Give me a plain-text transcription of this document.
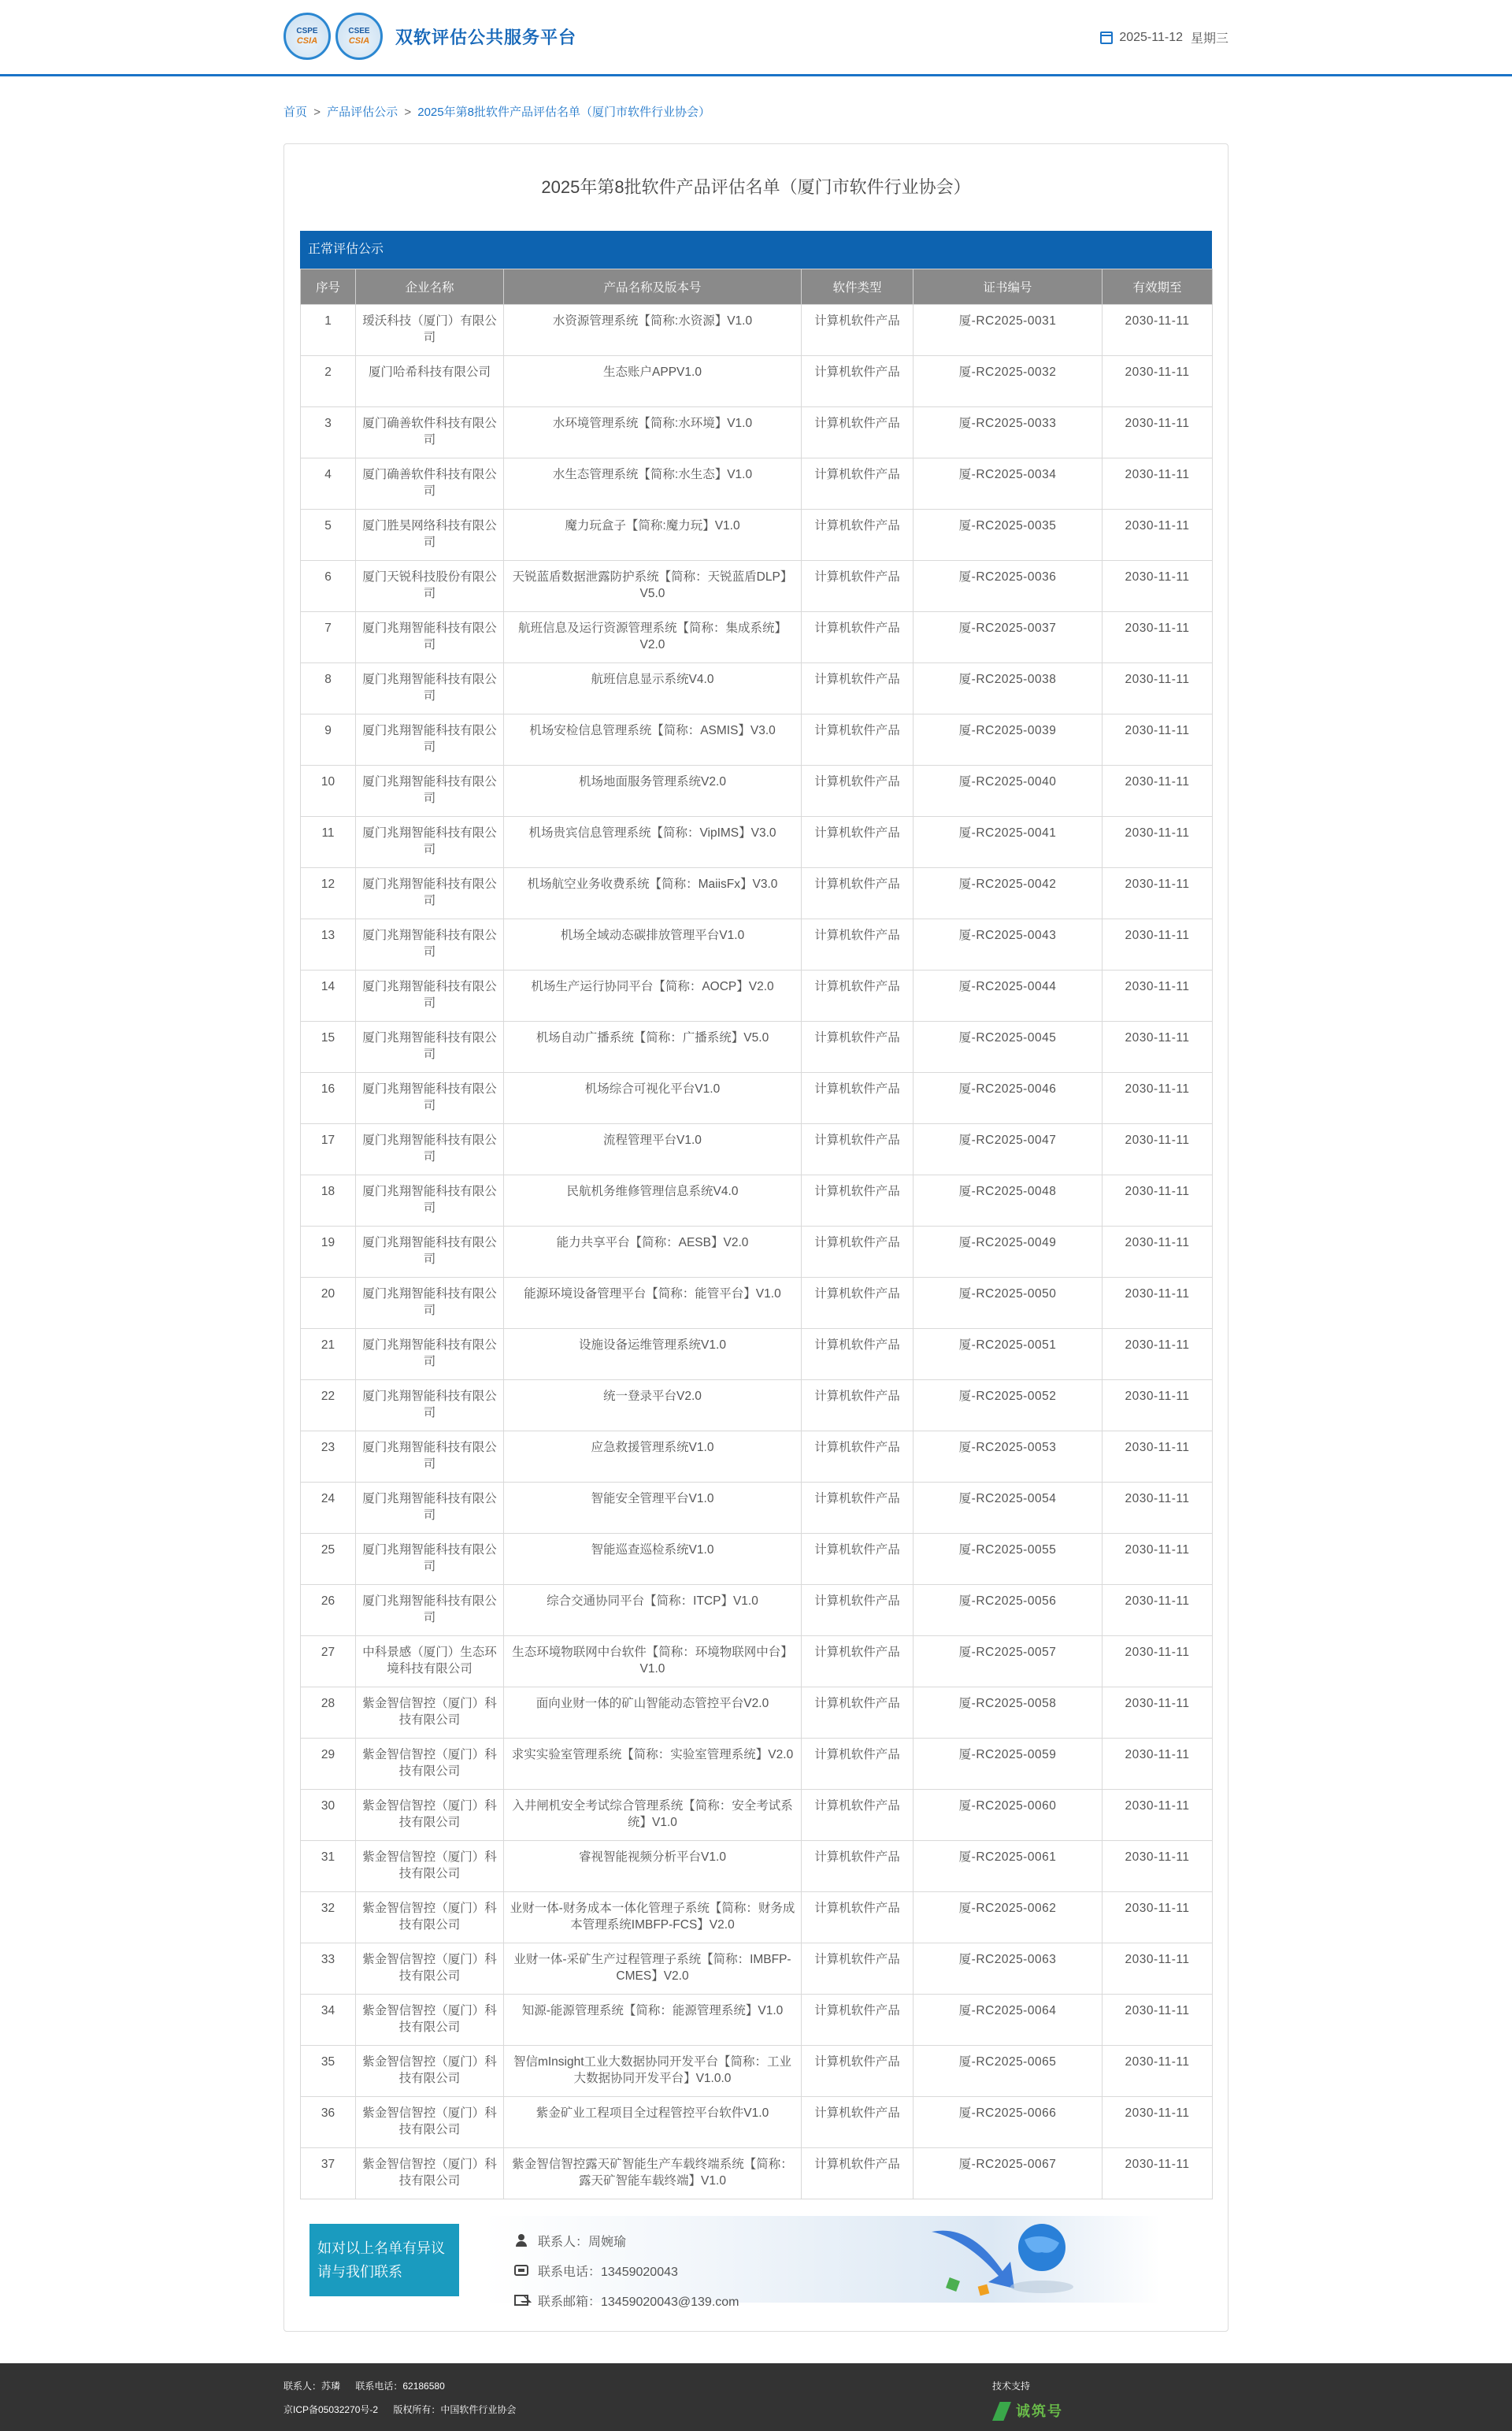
CSPE
CSIA
CSEE
CSIA 双软评估公共服务平台	2025-11-12 星期三
首页 > 产品评估公示 > 2025年第8批软件产品评估名单（厦门市软件行业协会）
2025年第8批软件产品评估名单（厦门市软件行业协会）
正常评估公示
序号	企业名称	产品名称及版本号	软件类型	证书编号	有效期至
1	瑷沃科技（厦门）有限公司	水资源管理系统【简称:水资源】V1.0	计算机软件产品	厦-RC2025-0031	2030-11-11
2	厦门哈希科技有限公司	生态账户APPV1.0	计算机软件产品	厦-RC2025-0032	2030-11-11
3	厦门确善软件科技有限公司	水环境管理系统【简称:水环境】V1.0	计算机软件产品	厦-RC2025-0033	2030-11-11
4	厦门确善软件科技有限公司	水生态管理系统【简称:水生态】V1.0	计算机软件产品	厦-RC2025-0034	2030-11-11
5	厦门胜昊网络科技有限公司	魔力玩盒子【简称:魔力玩】V1.0	计算机软件产品	厦-RC2025-0035	2030-11-11
6	厦门天锐科技股份有限公司	天锐蓝盾数据泄露防护系统【简称：天锐蓝盾DLP】V5.0	计算机软件产品	厦-RC2025-0036	2030-11-11
7	厦门兆翔智能科技有限公司	航班信息及运行资源管理系统【简称：集成系统】V2.0	计算机软件产品	厦-RC2025-0037	2030-11-11
8	厦门兆翔智能科技有限公司	航班信息显示系统V4.0	计算机软件产品	厦-RC2025-0038	2030-11-11
9	厦门兆翔智能科技有限公司	机场安检信息管理系统【简称：ASMIS】V3.0	计算机软件产品	厦-RC2025-0039	2030-11-11
10	厦门兆翔智能科技有限公司	机场地面服务管理系统V2.0	计算机软件产品	厦-RC2025-0040	2030-11-11
11	厦门兆翔智能科技有限公司	机场贵宾信息管理系统【简称：VipIMS】V3.0	计算机软件产品	厦-RC2025-0041	2030-11-11
12	厦门兆翔智能科技有限公司	机场航空业务收费系统【简称：MaiisFx】V3.0	计算机软件产品	厦-RC2025-0042	2030-11-11
13	厦门兆翔智能科技有限公司	机场全域动态碳排放管理平台V1.0	计算机软件产品	厦-RC2025-0043	2030-11-11
14	厦门兆翔智能科技有限公司	机场生产运行协同平台【简称：AOCP】V2.0	计算机软件产品	厦-RC2025-0044	2030-11-11
15	厦门兆翔智能科技有限公司	机场自动广播系统【简称：广播系统】V5.0	计算机软件产品	厦-RC2025-0045	2030-11-11
16	厦门兆翔智能科技有限公司	机场综合可视化平台V1.0	计算机软件产品	厦-RC2025-0046	2030-11-11
17	厦门兆翔智能科技有限公司	流程管理平台V1.0	计算机软件产品	厦-RC2025-0047	2030-11-11
18	厦门兆翔智能科技有限公司	民航机务维修管理信息系统V4.0	计算机软件产品	厦-RC2025-0048	2030-11-11
19	厦门兆翔智能科技有限公司	能力共享平台【简称：AESB】V2.0	计算机软件产品	厦-RC2025-0049	2030-11-11
20	厦门兆翔智能科技有限公司	能源环境设备管理平台【简称：能管平台】V1.0	计算机软件产品	厦-RC2025-0050	2030-11-11
21	厦门兆翔智能科技有限公司	设施设备运维管理系统V1.0	计算机软件产品	厦-RC2025-0051	2030-11-11
22	厦门兆翔智能科技有限公司	统一登录平台V2.0	计算机软件产品	厦-RC2025-0052	2030-11-11
23	厦门兆翔智能科技有限公司	应急救援管理系统V1.0	计算机软件产品	厦-RC2025-0053	2030-11-11
24	厦门兆翔智能科技有限公司	智能安全管理平台V1.0	计算机软件产品	厦-RC2025-0054	2030-11-11
25	厦门兆翔智能科技有限公司	智能巡查巡检系统V1.0	计算机软件产品	厦-RC2025-0055	2030-11-11
26	厦门兆翔智能科技有限公司	综合交通协同平台【简称：ITCP】V1.0	计算机软件产品	厦-RC2025-0056	2030-11-11
27	中科景感（厦门）生态环境科技有限公司	生态环境物联网中台软件【简称：环境物联网中台】V1.0	计算机软件产品	厦-RC2025-0057	2030-11-11
28	紫金智信智控（厦门）科技有限公司	面向业财一体的矿山智能动态管控平台V2.0	计算机软件产品	厦-RC2025-0058	2030-11-11
29	紫金智信智控（厦门）科技有限公司	求实实验室管理系统【简称：实验室管理系统】V2.0	计算机软件产品	厦-RC2025-0059	2030-11-11
30	紫金智信智控（厦门）科技有限公司	入井闸机安全考试综合管理系统【简称：安全考试系统】V1.0	计算机软件产品	厦-RC2025-0060	2030-11-11
31	紫金智信智控（厦门）科技有限公司	睿视智能视频分析平台V1.0	计算机软件产品	厦-RC2025-0061	2030-11-11
32	紫金智信智控（厦门）科技有限公司	业财一体-财务成本一体化管理子系统【简称：财务成本管理系统IMBFP-FCS】V2.0	计算机软件产品	厦-RC2025-0062	2030-11-11
33	紫金智信智控（厦门）科技有限公司	业财一体-采矿生产过程管理子系统【简称：IMBFP-CMES】V2.0	计算机软件产品	厦-RC2025-0063	2030-11-11
34	紫金智信智控（厦门）科技有限公司	知源-能源管理系统【简称：能源管理系统】V1.0	计算机软件产品	厦-RC2025-0064	2030-11-11
35	紫金智信智控（厦门）科技有限公司	智信mInsight工业大数据协同开发平台【简称：工业大数据协同开发平台】V1.0.0	计算机软件产品	厦-RC2025-0065	2030-11-11
36	紫金智信智控（厦门）科技有限公司	紫金矿业工程项目全过程管控平台软件V1.0	计算机软件产品	厦-RC2025-0066	2030-11-11
37	紫金智信智控（厦门）科技有限公司	紫金智信智控露天矿智能生产车载终端系统【简称：露天矿智能车载终端】V1.0	计算机软件产品	厦-RC2025-0067	2030-11-11
如对以上名单有异议请与我们联系
联系人：周婉瑜
联系电话：13459020043
联系邮箱：13459020043@139.com
联系人：苏璘 联系电话：62186580
京ICP备05032270号-2 版权所有：中国软件行业协会
技术支持
诚筑号
